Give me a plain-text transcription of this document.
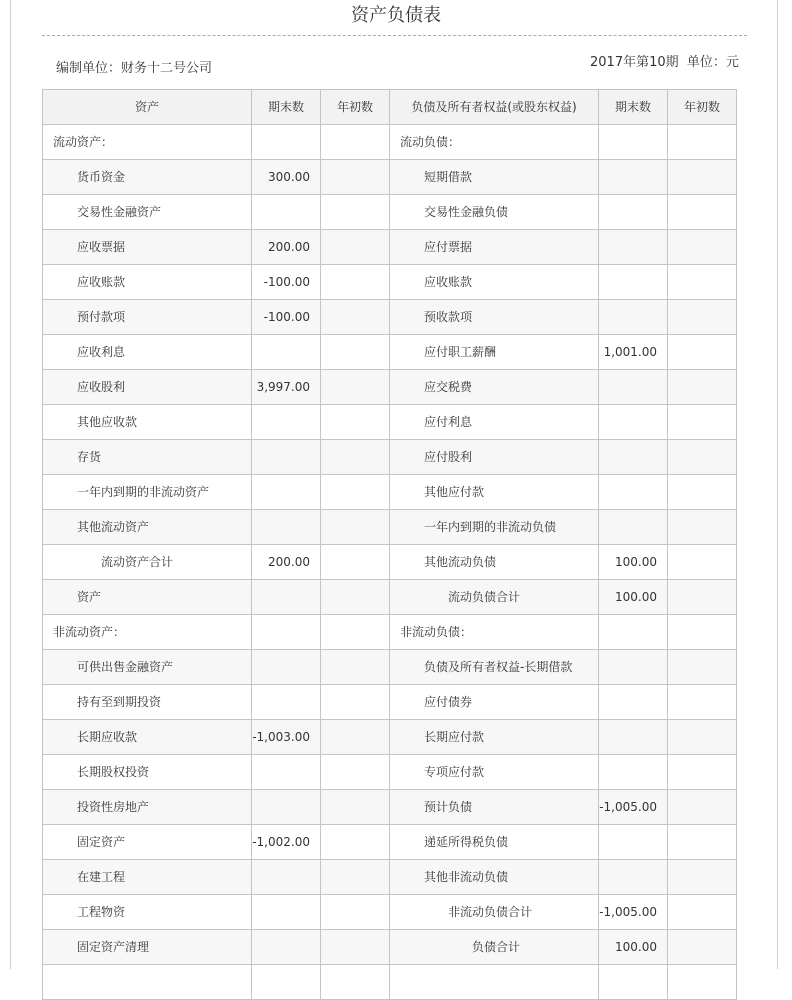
资产负债表
编制单位：财务十二号公司	2017年第10期 单位：元
资产	期末数	年初数	负债及所有者权益(或股东权益)	期末数	年初数
流动资产：			流动负债：		
货币资金	300.00		短期借款		
交易性金融资产			交易性金融负债		
应收票据	200.00		应付票据		
应收账款	-100.00		应收账款		
预付款项	-100.00		预收款项		
应收利息			应付职工薪酬	1,001.00	
应收股利	3,997.00		应交税费		
其他应收款			应付利息		
存货			应付股利		
一年内到期的非流动资产			其他应付款		
其他流动资产			一年内到期的非流动负债		
流动资产合计	200.00		其他流动负债	100.00	
资产			流动负债合计	100.00	
非流动资产：			非流动负债：		
可供出售金融资产			负债及所有者权益-长期借款		
持有至到期投资			应付债券		
长期应收款	-1,003.00		长期应付款		
长期股权投资			专项应付款		
投资性房地产			预计负债	-1,005.00	
固定资产	-1,002.00		递延所得税负债		
在建工程			其他非流动负债		
工程物资			非流动负债合计	-1,005.00	
固定资产清理			负债合计	100.00	
